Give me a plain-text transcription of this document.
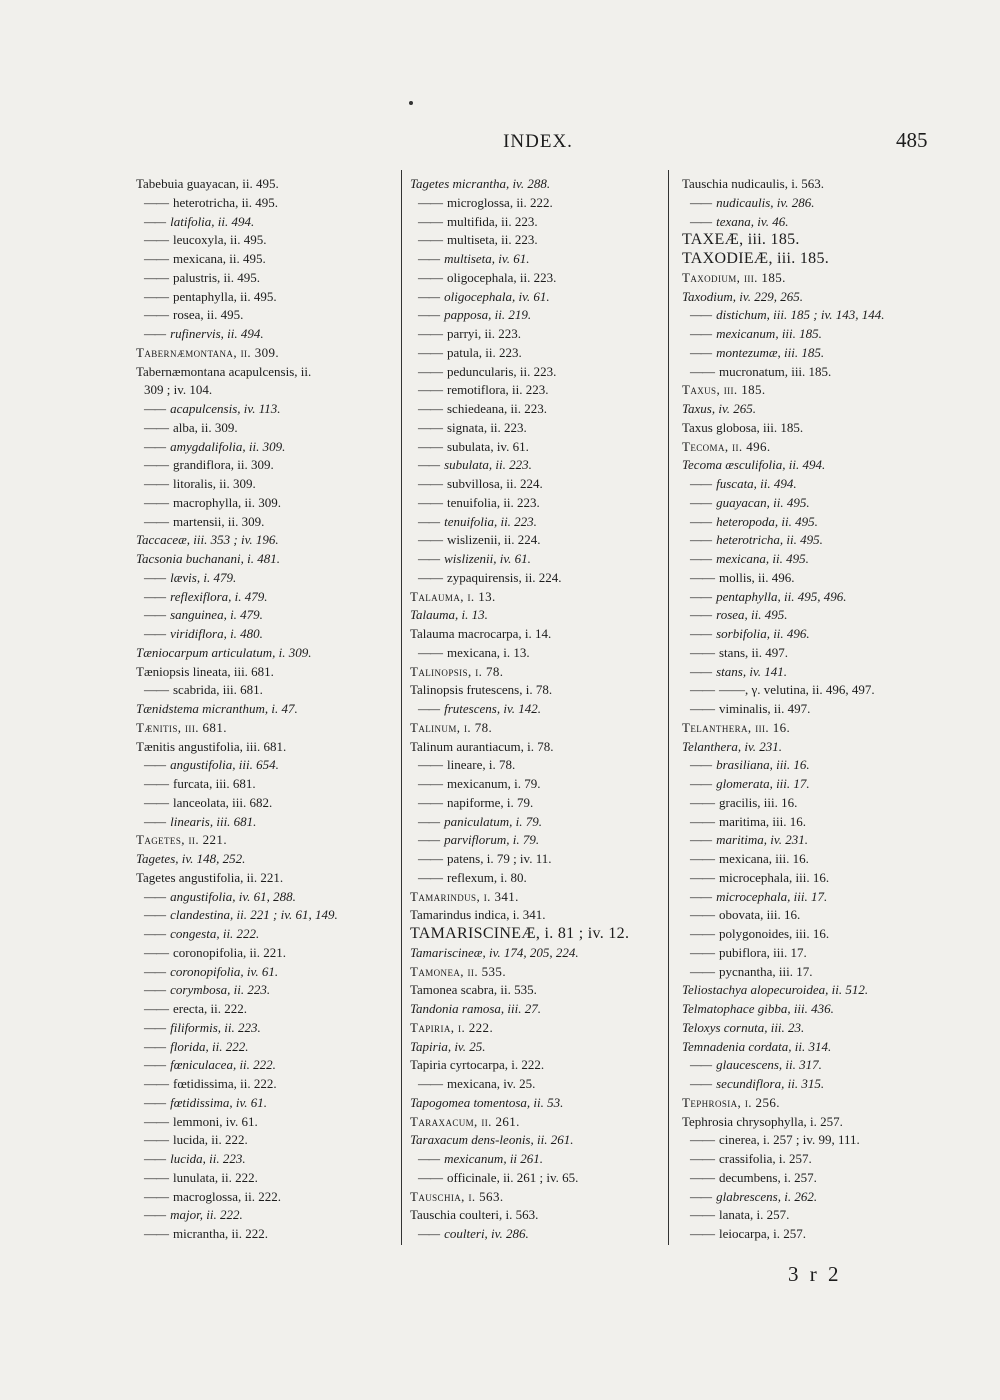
INDEX.	485
Tabebuia guayacan, ii. 495.
—— heterotricha, ii. 495.
—— latifolia, ii. 494.
—— leucoxyla, ii. 495.
—— mexicana, ii. 495.
—— palustris, ii. 495.
—— pentaphylla, ii. 495.
—— rosea, ii. 495.
—— rufinervis, ii. 494.
Tabernæmontana, ii. 309.
Tabernæmontana acapulcensis, ii.
309 ; iv. 104.
—— acapulcensis, iv. 113.
—— alba, ii. 309.
—— amygdalifolia, ii. 309.
—— grandiflora, ii. 309.
—— litoralis, ii. 309.
—— macrophylla, ii. 309.
—— martensii, ii. 309.
Taccaceæ, iii. 353 ; iv. 196.
Tacsonia buchanani, i. 481.
—— lævis, i. 479.
—— reflexiflora, i. 479.
—— sanguinea, i. 479.
—— viridiflora, i. 480.
Tæniocarpum articulatum, i. 309.
Tæniopsis lineata, iii. 681.
—— scabrida, iii. 681.
Tænidstema micranthum, i. 47.
Tænitis, iii. 681.
Tænitis angustifolia, iii. 681.
—— angustifolia, iii. 654.
—— furcata, iii. 681.
—— lanceolata, iii. 682.
—— linearis, iii. 681.
Tagetes, ii. 221.
Tagetes, iv. 148, 252.
Tagetes angustifolia, ii. 221.
—— angustifolia, iv. 61, 288.
—— clandestina, ii. 221 ; iv. 61, 149.
—— congesta, ii. 222.
—— coronopifolia, ii. 221.
—— coronopifolia, iv. 61.
—— corymbosa, ii. 223.
—— erecta, ii. 222.
—— filiformis, ii. 223.
—— florida, ii. 222.
—— fœniculacea, ii. 222.
—— fœtidissima, ii. 222.
—— fœtidissima, iv. 61.
—— lemmoni, iv. 61.
—— lucida, ii. 222.
—— lucida, ii. 223.
—— lunulata, ii. 222.
—— macroglossa, ii. 222.
—— major, ii. 222.
—— micrantha, ii. 222.
Tagetes micrantha, iv. 288.
—— microglossa, ii. 222.
—— multifida, ii. 223.
—— multiseta, ii. 223.
—— multiseta, iv. 61.
—— oligocephala, ii. 223.
—— oligocephala, iv. 61.
—— papposa, ii. 219.
—— parryi, ii. 223.
—— patula, ii. 223.
—— peduncularis, ii. 223.
—— remotiflora, ii. 223.
—— schiedeana, ii. 223.
—— signata, ii. 223.
—— subulata, iv. 61.
—— subulata, ii. 223.
—— subvillosa, ii. 224.
—— tenuifolia, ii. 223.
—— tenuifolia, ii. 223.
—— wislizenii, ii. 224.
—— wislizenii, iv. 61.
—— zypaquirensis, ii. 224.
Talauma, i. 13.
Talauma, i. 13.
Talauma macrocarpa, i. 14.
—— mexicana, i. 13.
Talinopsis, i. 78.
Talinopsis frutescens, i. 78.
—— frutescens, iv. 142.
Talinum, i. 78.
Talinum aurantiacum, i. 78.
—— lineare, i. 78.
—— mexicanum, i. 79.
—— napiforme, i. 79.
—— paniculatum, i. 79.
—— parviflorum, i. 79.
—— patens, i. 79 ; iv. 11.
—— reflexum, i. 80.
Tamarindus, i. 341.
Tamarindus indica, i. 341.
TAMARISCINEÆ, i. 81 ; iv. 12.
Tamariscineæ, iv. 174, 205, 224.
Tamonea, ii. 535.
Tamonea scabra, ii. 535.
Tandonia ramosa, iii. 27.
Tapiria, i. 222.
Tapiria, iv. 25.
Tapiria cyrtocarpa, i. 222.
—— mexicana, iv. 25.
Tapogomea tomentosa, ii. 53.
Taraxacum, ii. 261.
Taraxacum dens-leonis, ii. 261.
—— mexicanum, ii 261.
—— officinale, ii. 261 ; iv. 65.
Tauschia, i. 563.
Tauschia coulteri, i. 563.
—— coulteri, iv. 286.
Tauschia nudicaulis, i. 563.
—— nudicaulis, iv. 286.
—— texana, iv. 46.
TAXEÆ, iii. 185.
TAXODIEÆ, iii. 185.
Taxodium, iii. 185.
Taxodium, iv. 229, 265.
—— distichum, iii. 185 ; iv. 143, 144.
—— mexicanum, iii. 185.
—— montezumæ, iii. 185.
—— mucronatum, iii. 185.
Taxus, iii. 185.
Taxus, iv. 265.
Taxus globosa, iii. 185.
Tecoma, ii. 496.
Tecoma æsculifolia, ii. 494.
—— fuscata, ii. 494.
—— guayacan, ii. 495.
—— heteropoda, ii. 495.
—— heterotricha, ii. 495.
—— mexicana, ii. 495.
—— mollis, ii. 496.
—— pentaphylla, ii. 495, 496.
—— rosea, ii. 495.
—— sorbifolia, ii. 496.
—— stans, ii. 497.
—— stans, iv. 141.
—— ——, γ. velutina, ii. 496, 497.
—— viminalis, ii. 497.
Telanthera, iii. 16.
Telanthera, iv. 231.
—— brasiliana, iii. 16.
—— glomerata, iii. 17.
—— gracilis, iii. 16.
—— maritima, iii. 16.
—— maritima, iv. 231.
—— mexicana, iii. 16.
—— microcephala, iii. 16.
—— microcephala, iii. 17.
—— obovata, iii. 16.
—— polygonoides, iii. 16.
—— pubiflora, iii. 17.
—— pycnantha, iii. 17.
Teliostachya alopecuroidea, ii. 512.
Telmatophace gibba, iii. 436.
Teloxys cornuta, iii. 23.
Temnadenia cordata, ii. 314.
—— glaucescens, ii. 317.
—— secundiflora, ii. 315.
Tephrosia, i. 256.
Tephrosia chrysophylla, i. 257.
—— cinerea, i. 257 ; iv. 99, 111.
—— crassifolia, i. 257.
—— decumbens, i. 257.
—— glabrescens, i. 262.
—— lanata, i. 257.
—— leiocarpa, i. 257.
3 r 2
